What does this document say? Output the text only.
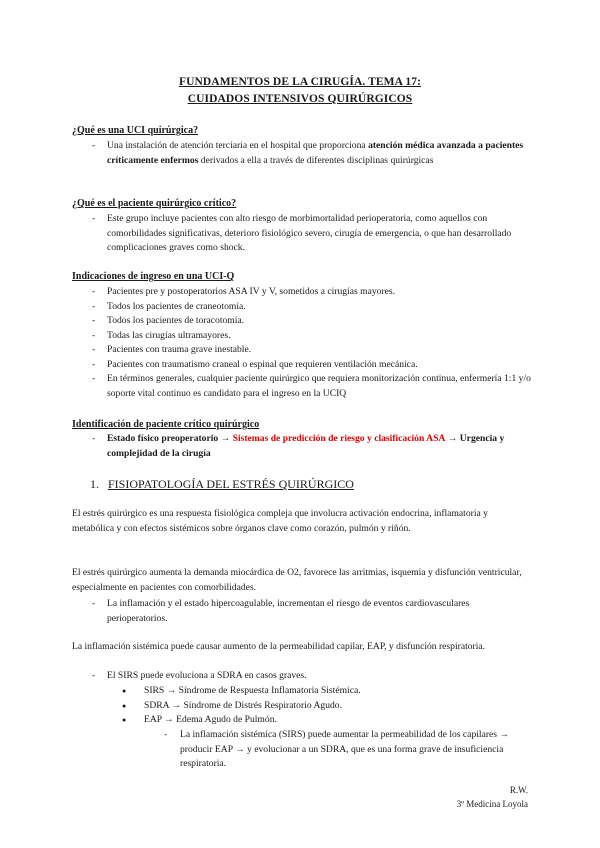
FUNDAMENTOS DE LA CIRUGÍA. TEMA 17:
CUIDADOS INTENSIVOS QUIRÚRGICOS
¿Qué es una UCI quirúrgica?
- Una instalación de atención terciaria en el hospital que proporciona atención médica avanzada a pacientes críticamente enfermos derivados a ella a través de diferentes disciplinas quirúrgicas
¿Qué es el paciente quirúrgico crítico?
- Este grupo incluye pacientes con alto riesgo de morbimortalidad perioperatoria, como aquellos con comorbilidades significativas, deterioro fisiológico severo, cirugía de emergencia, o que han desarrollado complicaciones graves como shock.
Indicaciones de ingreso en una UCI-Q
- Pacientes pre y postoperatorios ASA IV y V, sometidos a cirugías mayores.
- Todos los pacientes de craneotomía.
- Todos los pacientes de toracotomía.
- Todas las cirugías ultramayores.
- Pacientes con trauma grave inestable.
- Pacientes con traumatismo craneal o espinal que requieren ventilación mecánica.
- En términos generales, cualquier paciente quirúrgico que requiera monitorización continua, enfermería 1:1 y/o soporte vital continuo es candidato para el ingreso en la UCIQ
Identificación de paciente crítico quirúrgico
- Estado físico preoperatorio → Sistemas de predicción de riesgo y clasificación ASA → Urgencia y complejidad de la cirugía
1. FISIOPATOLOGÍA DEL ESTRÉS QUIRÚRGICO
El estrés quirúrgico es una respuesta fisiológica compleja que involucra activación endocrina, inflamatoria y metabólica y con efectos sistémicos sobre órganos clave como corazón, pulmón y riñón.
El estrés quirúrgico aumenta la demanda miocárdica de O2, favorece las arritmias, isquemia y disfunción ventricular, especialmente en pacientes con comorbilidades.
- La inflamación y el estado hipercoagulable, incrementan el riesgo de eventos cardiovasculares perioperatorios.
La inflamación sistémica puede causar aumento de la permeabilidad capilar, EAP, y disfunción respiratoria.
- El SIRS puede evoluciona a SDRA en casos graves.
● SIRS → Síndrome de Respuesta Inflamatoria Sistémica.
● SDRA → Síndrome de Distrés Respiratorio Agudo.
● EAP → Edema Agudo de Pulmón.
- La inflamación sistémica (SIRS) puede aumentar la permeabilidad de los capilares → producir EAP → y evolucionar a un SDRA, que es una forma grave de insuficiencia respiratoria.
R.W.
3º Medicina Loyola
